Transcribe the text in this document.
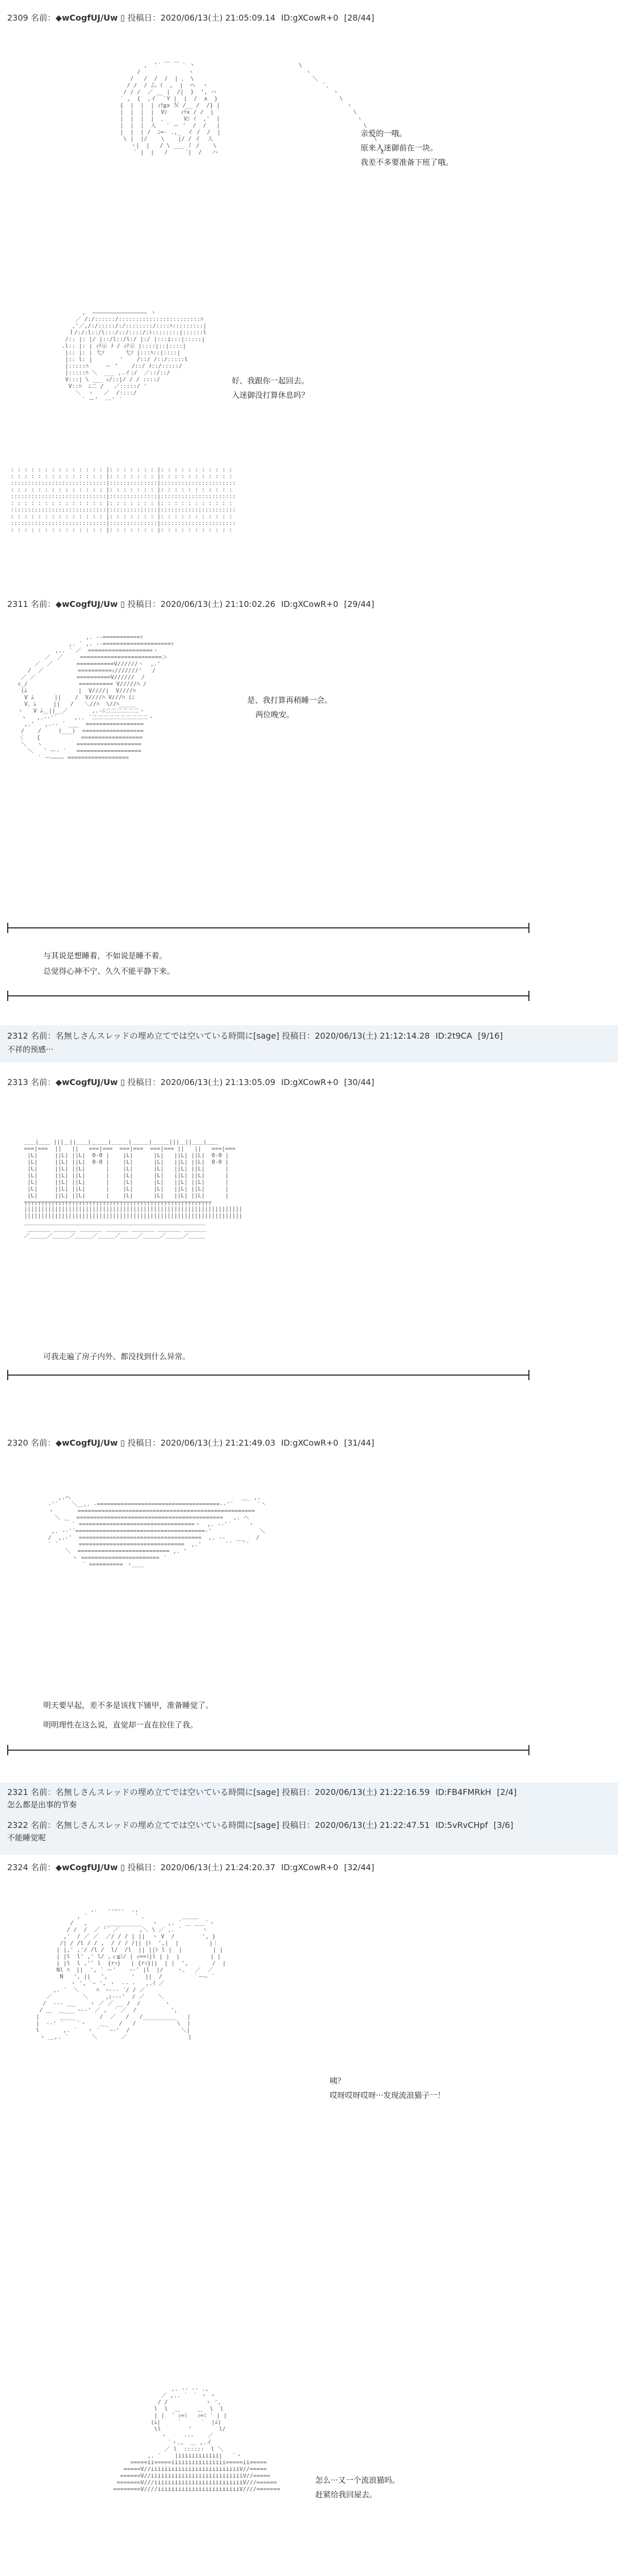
2309 名前：◆wCogfUJ/Uw ▯ 投稿日：2020/06/13(土) 21:05:09.14 ID:gXCowR+0 [28/44]
,  '´ ￣ ￣ ` 丶
/              ヽ
/   /  /  /  | 、 \
/ /  / 厶 ｲ  ,  |  ヘ  ヽ
/ / /  ／ __ |  /|  }  ‘, ハ
′ ,  {  ,イ  `Y |  |  /  ∧  }
{  |  |  | ｨﾃ≧x Ｎ /__ /  /} |
|  |  |  |  Vｼ    ｨﾃx / /  |
|  |  |  |  、     Vﾝ ｲ  ,'  |
|  |  |  人   ` ー '  /  /   |
|  |  | /  ﾆ=- .,_  イ /  /  |
\ |  |/    \    |/ / イ  人
ヽ|  |   / \ ___ 丿 /    \
` |  |   /     ´|  /   ハ

\
ヽ
＼
`、
ヽ
\
ヽ
\
ヽ
\
ヽ
\
ヽ
∧

亲爱的一哦。
原来入迷御前在一块。
我差不多要准备下班了哦。
,  ———————————————— ヽ
／ /:/::::::/::::::::::::::::::::::::ﾊ
,'／,/:/:::::/:/::::::::/::::ﾊ:::::::::|
ｌ/:/:l::/l:::/::/::::/:ﾄ::::::::|::::::l
/:: |: |/ |::/l::/l:/ |:/ |:::i:::|:::::|
.l:: |: | ｨﾃ示 ﾒ / ｨﾃ示 |::::|::|::::|
|:: |: | 弋ｿ      弋ｿ |:::ﾊ::|::::|
|:: l: |        '    /::/ /::/:::::l
|:::::ﾊ     ー ’    /::/ ﾒ::/:::::/
|:::::ﾊ ＼  ___ ,.イ:/  ／::/::/
V:::| \ ___ ｨ/::|/ / / ::::/
V::ﾊ  ﾆ二 /   ／:::::/ '
＼  ヽ   ／  /::::/
` ー'  ‐‐' ´

好、我跟你一起回去。
入迷御没打算休息吗？
: : : : : : : : : : : : : : |: : : : : : : |: : : : : : : : : : :
: : : : : : : : : : : : : : |: : : : : : : |: : : : : : : : : : :
::::::::::::::::::::::::::::|::::::::::::::|::::::::::::::::::::::
: : : : : : : : : : : : : : |: : : : : : : |: : : : : : : : : : :
::::::::::::::::::::::::::::|::::::::::::::|::::::::::::::::::::::
: : : : : : : : : : : : : : |: : : : : : : |: : : : : : : : : : :
::::::::::::::::::::::::::::|::::::::::::::|::::::::::::::::::::::
: : : : : : : : : : : : : : |: : : : : : : |: : : : : : : : : : :
::::::::::::::::::::::::::::|::::::::::::::|::::::::::::::::::::::
: : : : : : : : : : : : : : |: : : : : : : |: : : : : : : : : : :

2311 名前：◆wCogfUJ/Uw ▯ 投稿日：2020/06/13(土) 21:10:02.26 ID:gXCowR+0 [29/44]
,. -‐===========ｧ
,. ´ ,. -‐====================ｧ
,.. ´ ／  ===================ヽ
／  ／     ========================＞
／  ／       ===========V//////ヽ  ,.'
/  ／          ==========ｨ///////'   /
／ ／            ==========V//////  /
∠_/               ========== V/////ﾊ /
(ﾑ               |  V////|  V////ﾊ
V ﾑ      ||    /  V////ﾊ V///ﾊ (ﾆ
V、ﾑ     ||   /   ＼//ﾊ  \//ﾊ_____
ヽ   V ﾑ＿||__／       ,.-ﾆ二二二二二二ヽ
ヽ   ,.-‐'´     ,.. ´二二二二二二二二二二ヽ
,.'   ,.-‐ ´ ___  =================
/    /     (___)  ==================
〈    {            ==================
＼   ヽ          ===================
＼   ` ー‐ ´   ===================
` ー―――― ==================

是、我打算再稍睡一会。
两位晚安。
与其说是想睡着，不如说是睡不着。
总觉得心神不宁、久久不能平静下来。
2312 名前：名無しさんスレッドの埋め立てでは空いている時間に[sage] 投稿日：2020/06/13(土) 21:12:14.28 ID:2t9CA [9/16]
不祥的预感···
2313 名前：◆wCogfUJ/Uw ▯ 投稿日：2020/06/13(土) 21:13:05.09 ID:gXCowR+0 [30/44]
＿＿|＿＿ |||＿||＿＿|＿＿＿|＿＿＿|＿＿＿|＿＿＿|||＿||＿＿|＿＿
===|===  ||   ||   ===|===  ===|===  ===|=== ||   ||   ===|===
|L|     ||L| ||L|  0-0 |    |L|      |L|   ||L| ||L|  0-0 |
|L|     ||L| ||L|  0-0 |    |L|      |L|   ||L| ||L|  0-0 |
|L|     ||L| ||L|      |    |L|      |L|   ||L| ||L|      |
|L|     ||L| ||L|      |    |L|      |L|   ||L| ||L|      |
|L|     ||L| ||L|      |    |L|      |L|   ||L| ||L|      |
|L|     ||L| ||L|      |    |L|      |L|   ||L| ||L|      |
|L|     ||L| ||L|      |    |L|      |L|   ||L| ||L|      |
┬┬┬┬┬┬┬┬┬┬┬┬┬┬┬┬┬┬┬┬┬┬┬┬┬┬┬┬┬┬┬┬┬┬┬┬┬┬┬┬┬┬┬┬┬┬┬┬┬┬┬┬┬┬┬
||||||||||||||||||||||||||||||||||||||||||||||||||||||||||||||||
||||||||||||||||||||||||||||||||||||||||||||||||||||||||||||||||
＿＿＿＿＿＿＿＿＿＿＿＿＿＿＿＿＿＿＿＿＿＿＿＿＿＿＿＿＿＿＿＿
＿＿＿＿ ＿＿＿＿ ＿＿＿＿ ＿＿＿＿ ＿＿＿＿ ＿＿＿＿ ＿＿＿＿
／＿＿＿／＿＿＿／＿＿＿／＿＿＿／＿＿＿／＿＿＿／＿＿＿／＿＿＿

可我走遍了房子内外、都没找到什么异常。
2320 名前：◆wCogfUJ/Uw ▯ 投稿日：2020/06/13(土) 21:21:49.03 ID:gXCowR+0 [31/44]
,.へ                                                  ＿_ ,.
‐'´    ＼＿,. -====================================‐‐'´       `丶
ヽ       ====================================================
＼ ＿  ===========================================   ,. へ
` ==================================ヽ  ,. -‐'´     ヽ
,. -‐'´======================================-'              ＼
/  ,.-'  ====================================  ,. ‐-   ___   /
` ´      ===============================  ,.'       `´   `´
＼  =========================== ,. '
ヽ ======================= ´
` ========== ヽ＿＿

明天要早起，差不多是该找下铺甲，准备睡觉了。
明明理性在这么说，直觉却一直在拉住了我。
2321 名前：名無しさんスレッドの埋め立てでは空いている時間に[sage] 投稿日：2020/06/13(土) 21:22:16.59 ID:FB4FMRkH [2/4]
怎么都是出事的节奏
2322 名前：名無しさんスレッドの埋め立てでは空いている時間に[sage] 投稿日：2020/06/13(土) 21:22:47.51 ID:5vRvCHpf [3/6]
不能睡觉呢
2324 名前：◆wCogfUJ/Uw ▯ 投稿日：2020/06/13(土) 21:24:20.37 ID:gXCowR+0 [32/44]
,.   -‐―‐-  .,
, ´              ` 、          ＿＿＿
/   ,     ___________   ヽ   ,. ´ ＿ ＿＿`ヽ
/ /  /  ／ '´ ／      ,＼ \ ／ ,. ´      ヽ
,'  / ／ ／  ／/ / / | ||  ヽ V  /        ', }
/| / /l / / ,  / / / /|| |ﾄ  ',|  |         |｜
| |,' ,'/ /l /  l/  /l  || ||ﾄ l |  |         | |
| |l  l' ,' l/ ,ィ≦ﾐ/ | ｨ==ﾐ|l | |  |         | |
| |l  l ,'' l  {rｯ}   | {rｯ}||  | |  ',       /  |
Nl ﾊ  ||  ', ` ー'    ｰ-' |l  |/    ヽ、  ／  ／
N   ', ||   ',       '   ||  /         ｀ー― ´
ヽ ', `ｰ ', ヽ  -‐ ‐   ,.ｲ ／
,. ´  ＼     ﾊ  ｰ--‐ ´/ / ／
／         ＼     ,ｨ‐-‐'  / ／    ＼
/  ‐‐- ＿_    ヽ ／ ／ __ /  /       ヽ
/ ＿  ＿___ ｰ-‐' ／ ,  ´ ／  /          ',
|      ＿___       /  ／   /   /__________   |
|  ‐‐' ´    `ヽ    ＿_   /   /            \  |
l       ,. ´   ヽ ´   ｰ-'  /               ＼|
ヽ ＿,. ´       ＼       ／                  |

咦？
哎呀哎呀哎呀···发现流浪猫子一！
,. -‐ ‐- .,
／ ,.. ´  ` 丶 ヽ
/ /           ヽ ',
l  l  ＿     ＿  l  l
| |  ´ ｨ=ﾐ   ｨ=ﾐ ` | |
(ﾑ|     ´      `  |ﾑ)
\l        '        l/
ヽ     ‐‐‐    ／
`ヽ.,  ＿ ,.イ
／ l  ::::::  l ＼
,. ´    |iiiiiiiiiiii|   `丶
=====ii=====iiiiiiiiiiiiiiii=====ii=====
=====V//iiiiiiiiiiiiiiiiiiiiiiiiiiV//=====
======V//iiiiiiiiiiiiiiiiiiiiiiiiiiiV//=====
=======V///iiiiiiiiiiiiiiiiiiiiiiiiiiV///======
========V////iiiiiiiiiiiiiiiiiiiiiiiiV////=======

怎么···又一个流浪猫吗。
赶紧给我回屋去。
